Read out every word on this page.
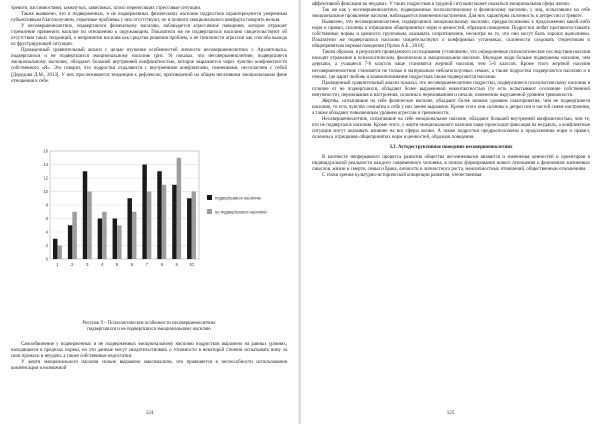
тревоги, пассивностями, замкнутых, зависимых, плохо переносящих стрессовые ситуации.

Также выявлено, что и подверженных, и не подверженных физическому насилию подростков характеризуются умеренным субъективным благополучием, серьезные проблемы у них отсутствуют, но и полного эмоционального комфорта говорить нельзя.

У несовершеннолетних, подвергшихся физическому насилию, наблюдается агрессивное поведение, которое отражает стремление применять насилие по отношению к окружающим. Показатели же не подвергшихся насилию свидетельствуют об отсутствии таких тенденций, о непринятии насилия как средства решения проблем, о не типичности агрессии как способа выхода из фрустрирующей ситуации.

Проведенный сравнительный анализ с целью изучения особенностей личности несовершеннолетних г. Архангельска, подвергшихся и не подвергшихся эмоциональному насилию (рис. 9) показал, что несовершеннолетние, подвергшиеся эмоциональному насилию, обладают большей внутренней конфликтностью, которое выражается через чувство конфликтности собственного «Я». Это говорит, что подростки отдаляются с внутренними конфликтами, сомнениями, несогласием с собой [Дорудова Д.М., 2013]. У них прослеживается тенденция к рефлексии, противоречий на общем негативном эмоциональном фоне отношения к себе.

0
2
4
6
8
10
12
14
16
1	2	3	4	5	6	7	8	9	10
подвергшиеся насилию
не подвергшиеся насилию
Рисунок 9 – Психологические особенности несовершеннолетних
подвергшихся и не подвергшихся эмоциональному насилию

Самообвинение у подверженных и не подверженных эмоциональному насилию подростков выражено на равных уровнях, находящиеся в пределах нормы, но эти данные могут свидетельствовать о готовности в некоторой степени испытывать вину за свои промахи и неудачи, а также собственные недостатки.

У жертв эмоционального насилия сильно выражено максимализм, что проявляется в неспособности использования компенсации и возможной

124

аффективной фиксации на неудачах. У таких подростков в трудной ситуации может оказаться эмоциональная сфера жизни.

Так же как у несовершеннолетних, подверженных психологическому и физическому насилию, у лиц, испытавших на себе эмоциональное проявление насилия, наблюдаются изменения настроения. Для них характерна склонность к депрессии и тревоге.

Выявлено, что несовершеннолетние, подвергшиеся эмоциональному насилию, предрасположены к продолжению какой-либо норм и правил, склонны к отрицанию общепринятых норм и ценностей, образцов поведения. Подростки любят противопоставлять собственные нормы и ценности групповым, оказывать сопротивление, несмотря на то, что они могут быть хорошо выполнены. Показатели же подвергшихся насилию свидетельствуют о конформных установках, склонности следовать стереотипам и общепринятым нормам поведения [Орлов А.Б., 2010].

Таким образом, в результате проведенного исследования установлено, что определенные психологические последствия насилия находят отражение в психологическом, физическом и эмоциональном насилии. Молодые люди больше подвержены насилию, чем девушки, а учащиеся 7-8 классов чаще становятся жертвой насилия, чем 5-6 классов. Кроме этого жертвой насилия несовершеннолетние становятся не только в материально неблагополучных семьях, а также подростки подвергаются насилию и в семьях, где царит любовь и взаимопонимание подростков также подвергаются насилию.

Проведенный сравнительный анализ показал, что несовершеннолетние подростки, подвергшиеся психологическому насилию в отличие от не подвергшихся, обладают более выраженной неконтактностью (то есть испытывают осознание собственной ненужности), переживания и настроения, склонны к переживаниям и печали, изменению нарушенной уровнем тревожности.

Жертвы, испытавшие на себе физическое насилие, обладают более низким уровнем самопринятия, чем не подвергшиеся насилию, то есть чувство симпатии к себе у них менее выражено. Кроме этого они склонны к депрессии и частой смене настроения, а также обладают повышенным уровнем агрессии и тревожности.

Несовершеннолетние, испытавшие на себе эмоциональное насилие, обладают большей внутренней конфликтностью, чем те, кто не подвергался насилию. Кроме этого, у жертв эмоционального насилия чаще происходит фиксация на неудачах, а конфликтные ситуации могут оказывать влияние на все сферы жизни. А также подростки предрасположены к продолжению норм и правил, склонны к отрицанию общепринятых норм и ценностей, образцов поведения.

3.3. Аутодеструктивное поведение несовершеннолетних

В контексте непрерывного процесса развития общества несомненными являются и изменения ценностей и ориентиров в индивидуальной реальности каждого современного человека, в поиске формирования нового отношения к феноменам жизненных смыслов, жизни и смерти, семьи и брака, личности и личностного роста, межличностных отношений, общественным отношениям.

С точки зрения культурно-исторической концепции развития, отечественная

125
